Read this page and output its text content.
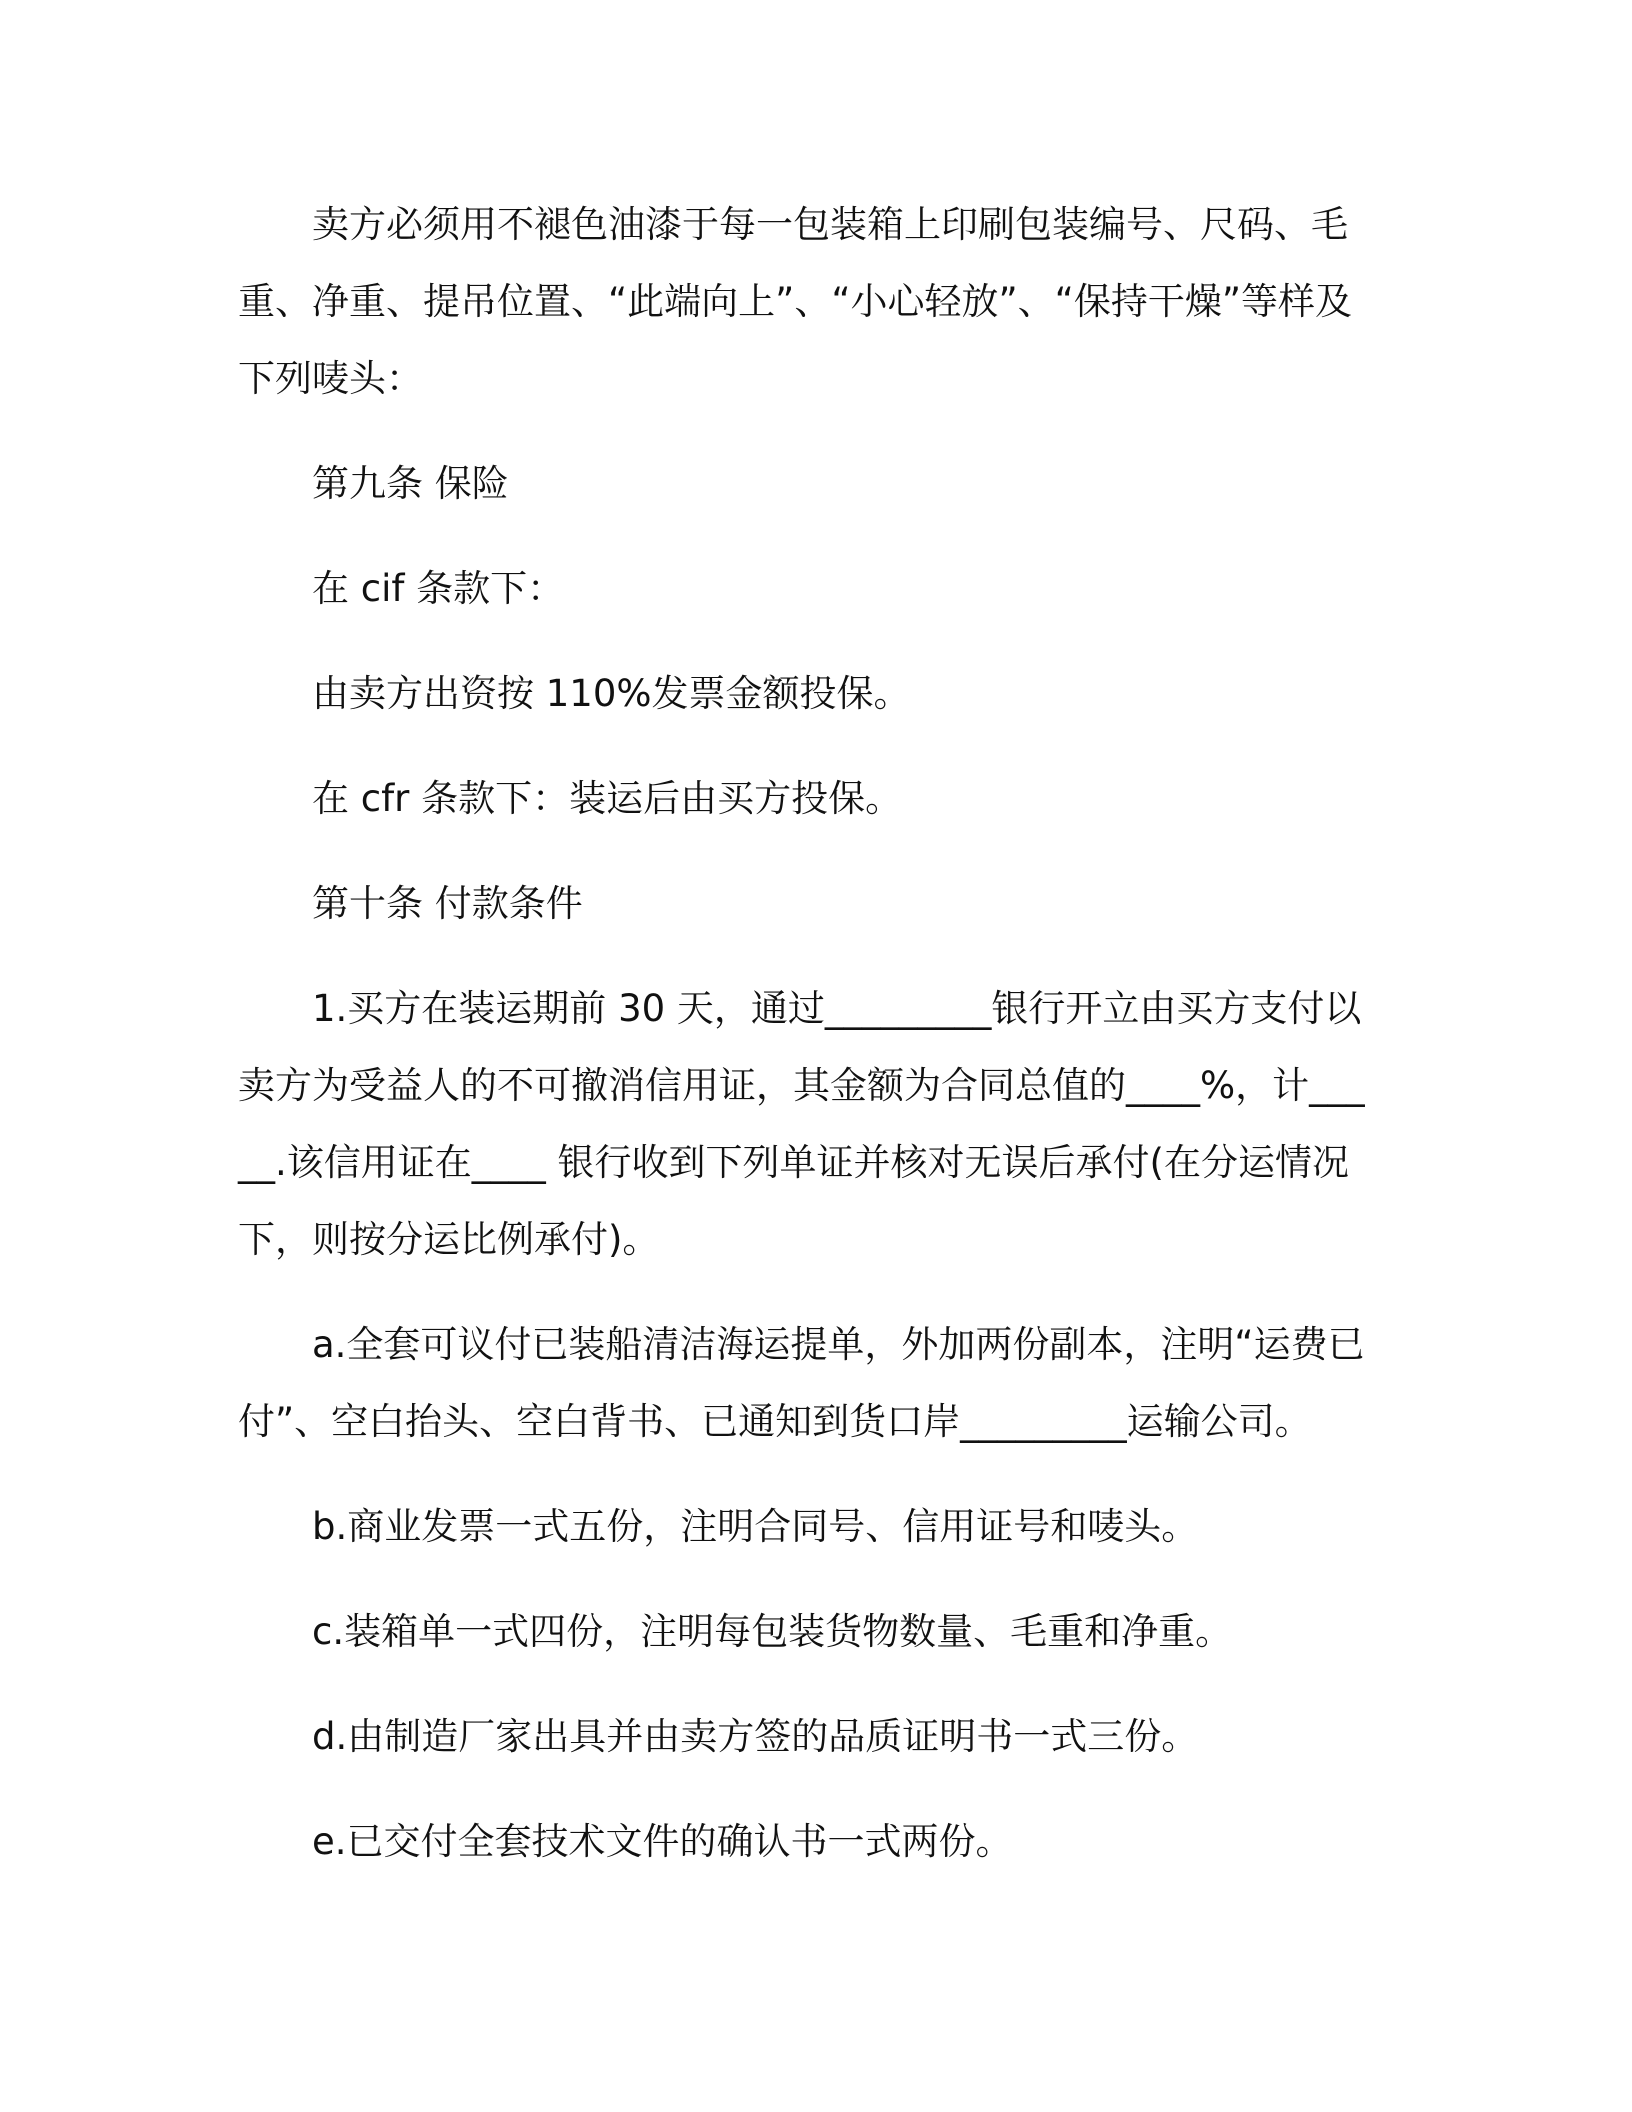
卖方必须用不褪色油漆于每一包装箱上印刷包装编号、尺码、毛重、净重、提吊位置、“此端向上”、“小心轻放”、“保持干燥”等样及下列唛头：

第九条 保险

在 cif 条款下：

由卖方出资按 110%发票金额投保。

在 cfr 条款下：装运后由买方投保。

第十条 付款条件

1.买方在装运期前 30 天，通过_________银行开立由买方支付以卖方为受益人的不可撤消信用证，其金额为合同总值的____%，计_____.该信用证在____ 银行收到下列单证并核对无误后承付(在分运情况下，则按分运比例承付)。

a.全套可议付已装船清洁海运提单，外加两份副本，注明“运费已付”、空白抬头、空白背书、已通知到货口岸_________运输公司。

b.商业发票一式五份，注明合同号、信用证号和唛头。

c.装箱单一式四份，注明每包装货物数量、毛重和净重。

d.由制造厂家出具并由卖方签的品质证明书一式三份。

e.已交付全套技术文件的确认书一式两份。
